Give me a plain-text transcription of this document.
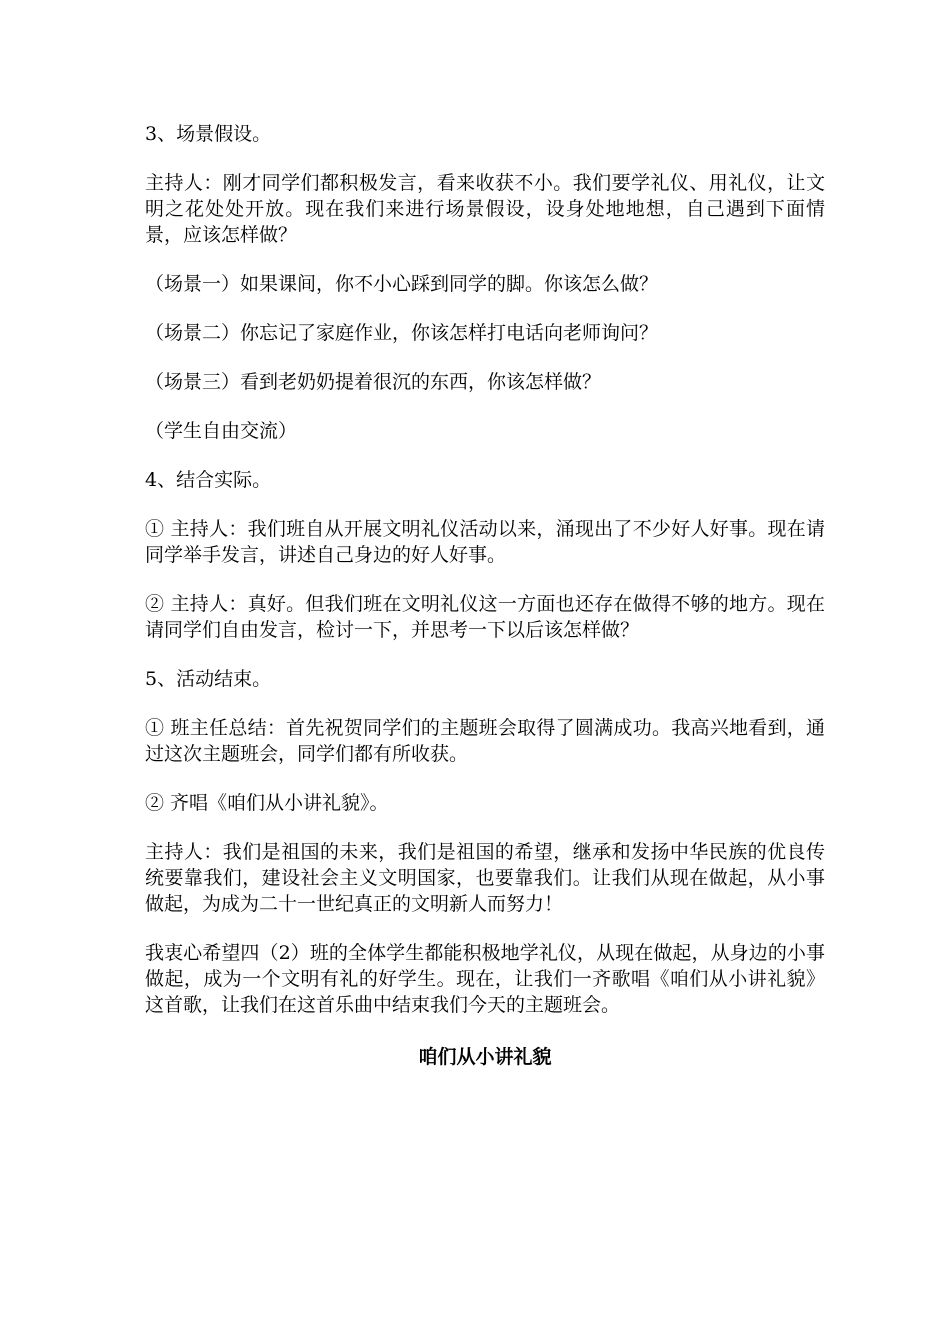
3、场景假设。

主持人：刚才同学们都积极发言，看来收获不小。我们要学礼仪、用礼仪，让文明之花处处开放。现在我们来进行场景假设，设身处地地想，自己遇到下面情景，应该怎样做？

（场景一）如果课间，你不小心踩到同学的脚。你该怎么做？

（场景二）你忘记了家庭作业，你该怎样打电话向老师询问？

（场景三）看到老奶奶提着很沉的东西，你该怎样做？

（学生自由交流）

4、结合实际。

① 主持人：我们班自从开展文明礼仪活动以来，涌现出了不少好人好事。现在请同学举手发言，讲述自己身边的好人好事。

② 主持人：真好。但我们班在文明礼仪这一方面也还存在做得不够的地方。现在请同学们自由发言，检讨一下，并思考一下以后该怎样做？

5、活动结束。

① 班主任总结：首先祝贺同学们的主题班会取得了圆满成功。我高兴地看到，通过这次主题班会，同学们都有所收获。

② 齐唱《咱们从小讲礼貌》。

主持人：我们是祖国的未来，我们是祖国的希望，继承和发扬中华民族的优良传统要靠我们，建设社会主义文明国家，也要靠我们。让我们从现在做起，从小事做起，为成为二十一世纪真正的文明新人而努力！

我衷心希望四（2）班的全体学生都能积极地学礼仪，从现在做起，从身边的小事做起，成为一个文明有礼的好学生。现在，让我们一齐歌唱《咱们从小讲礼貌》这首歌，让我们在这首乐曲中结束我们今天的主题班会。

咱们从小讲礼貌
